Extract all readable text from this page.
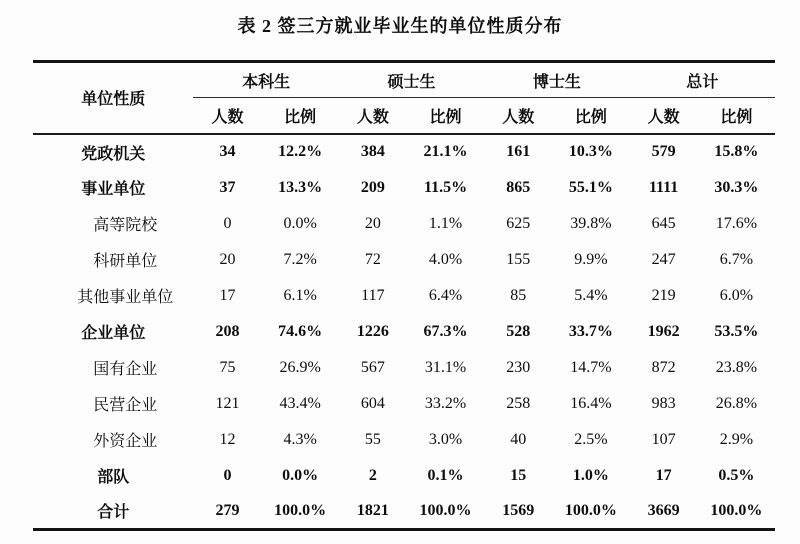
表 2 签三方就业毕业生的单位性质分布
单位性质	本科生		硕士生		博士生		总计	
	人数	比例	人数	比例	人数	比例	人数	比例
党政机关	34	12.2%	384	21.1%	161	10.3%	579	15.8%
事业单位	37	13.3%	209	11.5%	865	55.1%	1111	30.3%
高等院校	0	0.0%	20	1.1%	625	39.8%	645	17.6%
科研单位	20	7.2%	72	4.0%	155	9.9%	247	6.7%
其他事业单位	17	6.1%	117	6.4%	85	5.4%	219	6.0%
企业单位	208	74.6%	1226	67.3%	528	33.7%	1962	53.5%
国有企业	75	26.9%	567	31.1%	230	14.7%	872	23.8%
民营企业	121	43.4%	604	33.2%	258	16.4%	983	26.8%
外资企业	12	4.3%	55	3.0%	40	2.5%	107	2.9%
部队	0	0.0%	2	0.1%	15	1.0%	17	0.5%
合计	279	100.0%	1821	100.0%	1569	100.0%	3669	100.0%
